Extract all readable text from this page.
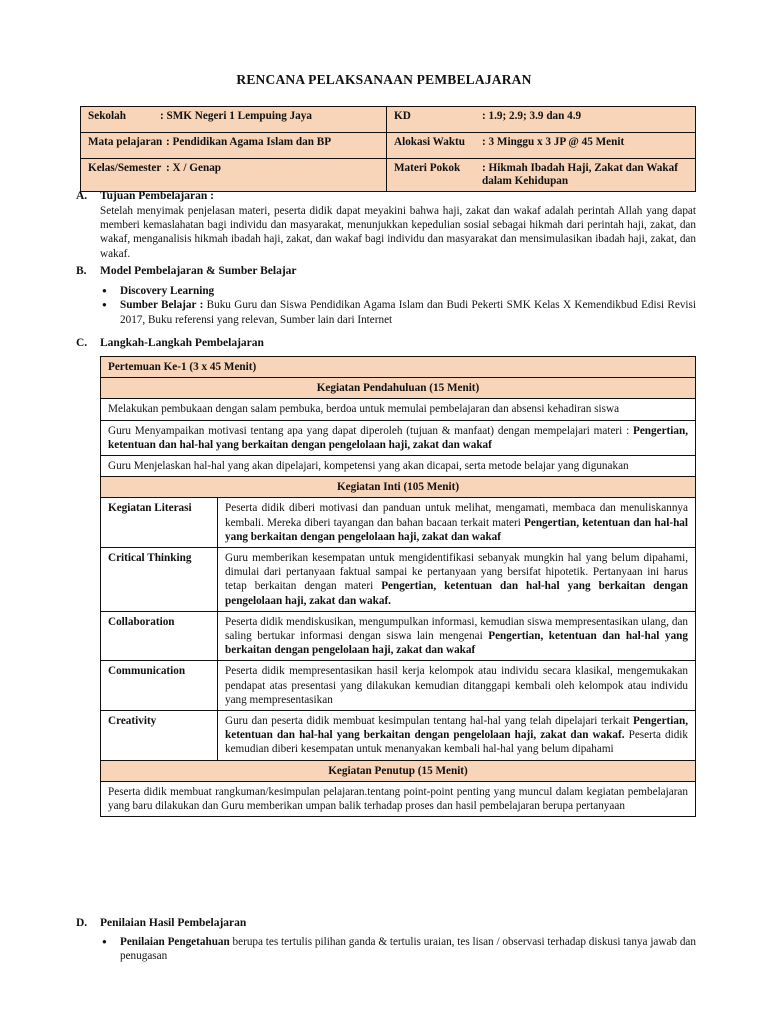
RENCANA PELAKSANAAN PEMBELAJARAN
Sekolah : SMK Negeri 1 Lempuing Jaya	KD : 1.9; 2.9; 3.9 dan 4.9

Mata pelajaran : Pendidikan Agama Islam dan BP	Alokasi Waktu : 3 Minggu x 3 JP @ 45 Menit

Kelas/Semester : X / Genap	Materi Pokok : Hikmah Ibadah Haji, Zakat dan Wakaf dalam Kehidupan
A. Tujuan Pembelajaran :
Setelah menyimak penjelasan materi, peserta didik dapat meyakini bahwa haji, zakat dan wakaf adalah perintah Allah yang dapat memberi kemaslahatan bagi individu dan masyarakat, menunjukkan kepedulian sosial sebagai hikmah dari perintah haji, zakat, dan wakaf, menganalisis hikmah ibadah haji, zakat, dan wakaf bagi individu dan masyarakat dan mensimulasikan ibadah haji, zakat, dan wakaf.
B. Model Pembelajaran & Sumber Belajar
● Discovery Learning
● Sumber Belajar : Buku Guru dan Siswa Pendidikan Agama Islam dan Budi Pekerti SMK Kelas X Kemendikbud Edisi Revisi 2017, Buku referensi yang relevan, Sumber lain dari Internet
C. Langkah-Langkah Pembelajaran
Pertemuan Ke-1 (3 x 45 Menit)	
Kegiatan Pendahuluan (15 Menit)	
Melakukan pembukaan dengan salam pembuka, berdoa untuk memulai pembelajaran dan absensi kehadiran siswa	
Guru Menyampaikan motivasi tentang apa yang dapat diperoleh (tujuan & manfaat) dengan mempelajari materi : Pengertian, ketentuan dan hal-hal yang berkaitan dengan pengelolaan haji, zakat dan wakaf	
Guru Menjelaskan hal-hal yang akan dipelajari, kompetensi yang akan dicapai, serta metode belajar yang digunakan	
Kegiatan Inti (105 Menit)	
Kegiatan Literasi	Peserta didik diberi motivasi dan panduan untuk melihat, mengamati, membaca dan menuliskannya kembali. Mereka diberi tayangan dan bahan bacaan terkait materi Pengertian, ketentuan dan hal-hal yang berkaitan dengan pengelolaan haji, zakat dan wakaf
Critical Thinking	Guru memberikan kesempatan untuk mengidentifikasi sebanyak mungkin hal yang belum dipahami, dimulai dari pertanyaan faktual sampai ke pertanyaan yang bersifat hipotetik. Pertanyaan ini harus tetap berkaitan dengan materi Pengertian, ketentuan dan hal-hal yang berkaitan dengan pengelolaan haji, zakat dan wakaf.
Collaboration	Peserta didik mendiskusikan, mengumpulkan informasi, kemudian siswa mempresentasikan ulang, dan saling bertukar informasi dengan siswa lain mengenai Pengertian, ketentuan dan hal-hal yang berkaitan dengan pengelolaan haji, zakat dan wakaf
Communication	Peserta didik mempresentasikan hasil kerja kelompok atau individu secara klasikal, mengemukakan pendapat atas presentasi yang dilakukan kemudian ditanggapi kembali oleh kelompok atau individu yang mempresentasikan
Creativity	Guru dan peserta didik membuat kesimpulan tentang hal-hal yang telah dipelajari terkait Pengertian, ketentuan dan hal-hal yang berkaitan dengan pengelolaan haji, zakat dan wakaf. Peserta didik kemudian diberi kesempatan untuk menanyakan kembali hal-hal yang belum dipahami
Kegiatan Penutup (15 Menit)	
Peserta didik membuat rangkuman/kesimpulan pelajaran.tentang point-point penting yang muncul dalam kegiatan pembelajaran yang baru dilakukan dan Guru memberikan umpan balik terhadap proses dan hasil pembelajaran berupa pertanyaan	
D. Penilaian Hasil Pembelajaran
● Penilaian Pengetahuan berupa tes tertulis pilihan ganda & tertulis uraian, tes lisan / observasi terhadap diskusi tanya jawab dan penugasan
